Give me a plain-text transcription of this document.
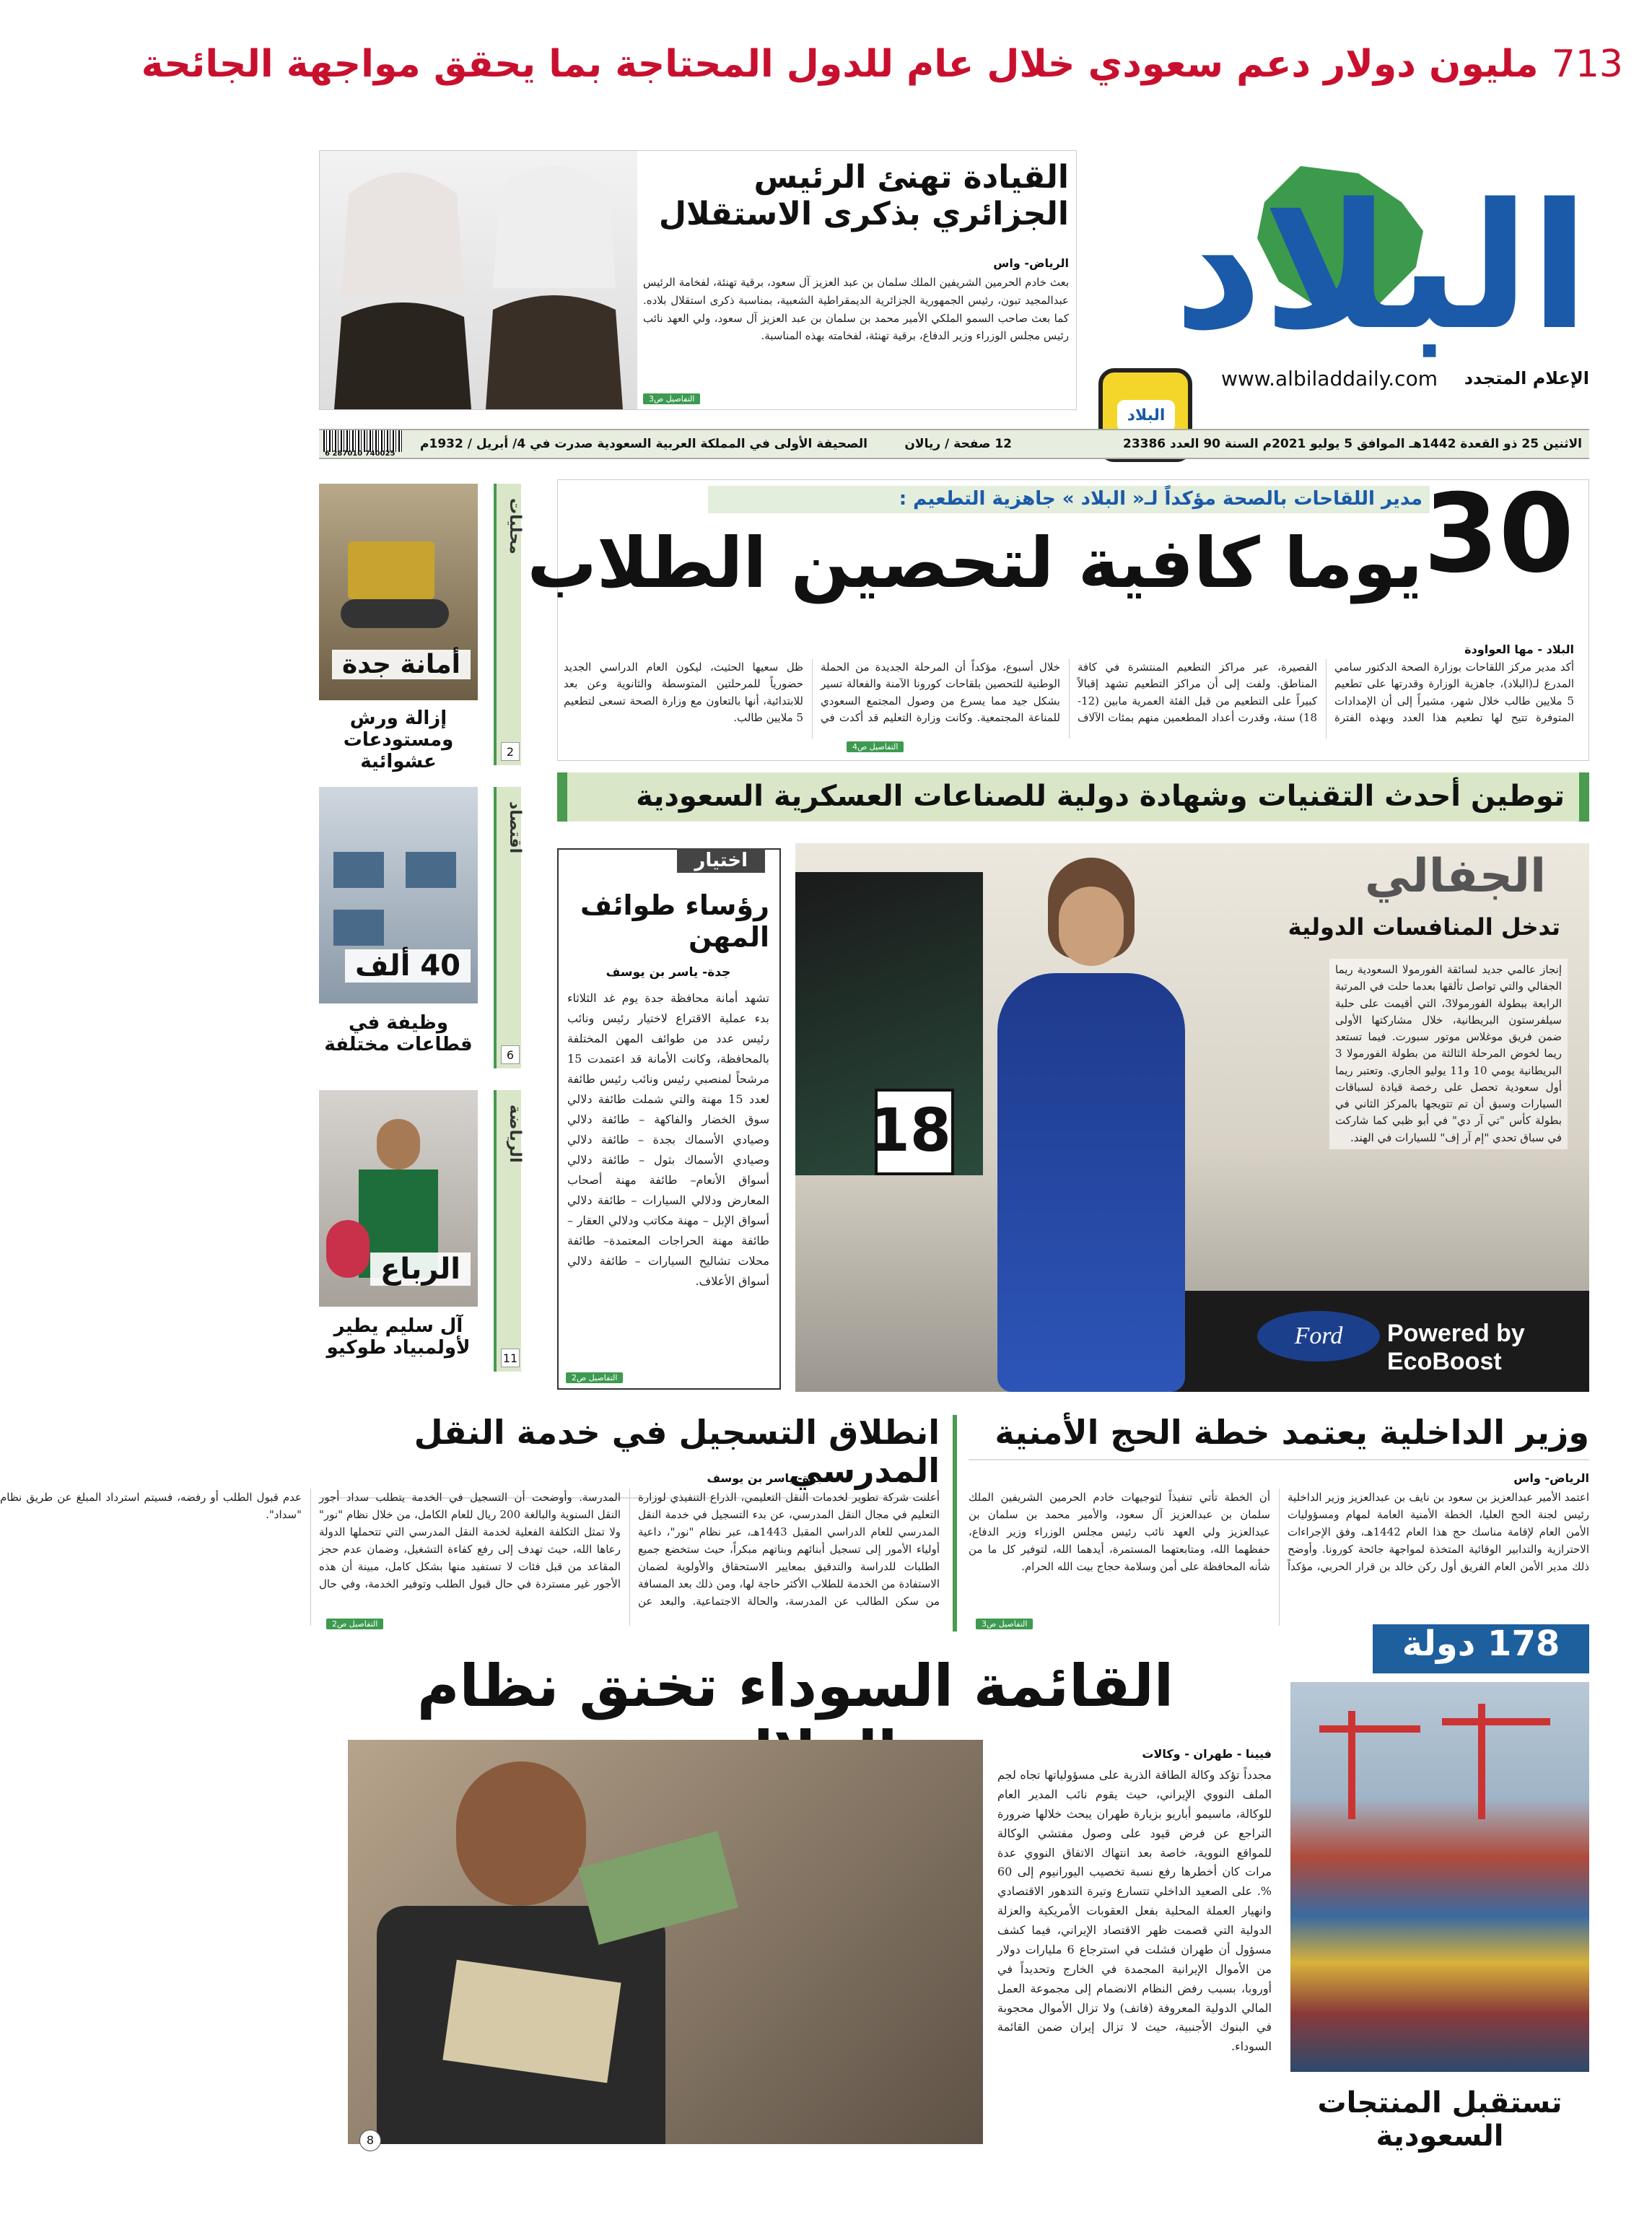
713 مليون دولار دعم سعودي خلال عام للدول المحتاجة بما يحقق مواجهة الجائحة
البلاد
الإعلام المتجدد
www.albiladdaily.com
البلاد
القيادة تهنئ الرئيس الجزائري بذكرى الاستقلال
الرياض- واس
بعث خادم الحرمين الشريفين الملك سلمان بن عبد العزيز آل سعود، برقية تهنئة، لفخامة الرئيس عبدالمجيد تبون، رئيس الجمهورية الجزائرية الديمقراطية الشعبية، بمناسبة ذكرى استقلال بلاده. كما بعث صاحب السمو الملكي الأمير محمد بن سلمان بن عبد العزيز آل سعود، ولي العهد نائب رئيس مجلس الوزراء وزير الدفاع، برقية تهنئة، لفخامته بهذه المناسبة.
التفاصيل ص3
الاثنين 25 ذو القعدة 1442هـ الموافق 5 يوليو 2021م السنة 90 العدد 23386
12 صفحة / ريالان
الصحيفة الأولى في المملكة العربية السعودية صدرت في 4/ أبريل / 1932م
6 287010 740025
أمانة جدة
إزالة ورش ومستودعات عشوائية
محليات
2
40 ألف
وظيفة في قطاعات مختلفة
اقتصاد
6
الرباع
آل سليم يطير لأولمبياد طوكيو
الرياضة
11
مدير اللقاحات بالصحة مؤكداً لـ« البلاد » جاهزية التطعيم : 30
يوما كافية لتحصين الطلاب
البلاد - مها العواودة
أكد مدير مركز اللقاحات بوزارة الصحة الدكتور سامي المدرع لـ(البلاد)، جاهزية الوزارة وقدرتها على تطعيم 5 ملايين طالب خلال شهر، مشيراً إلى أن الإمدادات المتوفرة تتيح لها تطعيم هذا العدد وبهذه الفترة القصيرة، عبر مراكز التطعيم المنتشرة في كافة المناطق. ولفت إلى أن مراكز التطعيم تشهد إقبالاً كبيراً على التطعيم من قبل الفئة العمرية مابين (12-18) سنة، وقدرت أعداد المطعمين منهم بمئات الآلاف خلال أسبوع، مؤكداً أن المرحلة الجديدة من الحملة الوطنية للتحصين بلقاحات كورونا الآمنة والفعالة تسير بشكل جيد مما يسرع من وصول المجتمع السعودي للمناعة المجتمعية. وكانت وزارة التعليم قد أكدت في ظل سعيها الحثيث، ليكون العام الدراسي الجديد حضورياً للمرحلتين المتوسطة والثانوية وعن بعد للابتدائية، أنها بالتعاون مع وزارة الصحة تسعى لتطعيم 5 ملايين طالب.
التفاصيل ص4
توطين أحدث التقنيات وشهادة دولية للصناعات العسكرية السعودية
اختيار
رؤساء طوائف المهن
جدة- ياسر بن يوسف
تشهد أمانة محافظة جدة يوم غد الثلاثاء بدء عملية الاقتراع لاختيار رئيس ونائب رئيس عدد من طوائف المهن المختلفة بالمحافظة، وكانت الأمانة قد اعتمدت 15 مرشحاً لمنصبي رئيس ونائب رئيس طائفة لعدد 15 مهنة والتي شملت طائفة دلالي سوق الخضار والفاكهة – طائفة دلالي وصيادي الأسماك بجدة – طائفة دلالي وصيادي الأسماك بثول – طائفة دلالي أسواق الأنعام– طائفة مهنة أصحاب المعارض ودلالي السيارات – طائفة دلالي أسواق الإبل – مهنة مكاتب ودلالي العقار – طائفة مهنة الحراجات المعتمدة– طائفة محلات تشاليح السيارات – طائفة دلالي أسواق الأعلاف.
التفاصيل ص2
18
Powered by EcoBoost
Ford
الجفالي
تدخل المنافسات الدولية
إنجاز عالمي جديد لسائقة الفورمولا السعودية ريما الجفالي والتي تواصل تألقها بعدما حلت في المرتبة الرابعة ببطولة الفورمولا3، التي أقيمت على حلبة سيلفرستون البريطانية، خلال مشاركتها الأولى ضمن فريق موغلاس موتور سبورت. فيما تستعد ريما لخوض المرحلة الثالثة من بطولة الفورمولا 3 البريطانية يومي 10 و11 يوليو الجاري. وتعتبر ريما أول سعودية تحصل على رخصة قيادة لسباقات السيارات وسبق أن تم تتويجها بالمركز الثاني في بطولة كأس "تي آر دي" في أبو ظبي كما شاركت في سباق تحدي "إم آر إف" للسيارات في الهند.
وزير الداخلية يعتمد خطة الحج الأمنية
الرياض- واس
اعتمد الأمير عبدالعزيز بن سعود بن نايف بن عبدالعزيز وزير الداخلية رئيس لجنة الحج العليا، الخطة الأمنية العامة لمهام ومسؤوليات الأمن العام لإقامة مناسك حج هذا العام 1442هـ، وفق الإجراءات الاحترازية والتدابير الوقائية المتخذة لمواجهة جائحة كورونا. وأوضح ذلك مدير الأمن العام الفريق أول ركن خالد بن قرار الحربي، مؤكداً أن الخطة تأتي تنفيذاً لتوجيهات خادم الحرمين الشريفين الملك سلمان بن عبدالعزيز آل سعود، والأمير محمد بن سلمان بن عبدالعزيز ولي العهد نائب رئيس مجلس الوزراء وزير الدفاع، حفظهما الله، ومتابعتهما المستمرة، أيدهما الله، لتوفير كل ما من شأنه المحافظة على أمن وسلامة حجاج بيت الله الحرام.
التفاصيل ص3
انطلاق التسجيل في خدمة النقل المدرسي
جدة- ياسر بن يوسف
أعلنت شركة تطوير لخدمات النقل التعليمي، الذراع التنفيذي لوزارة التعليم في مجال النقل المدرسي، عن بدء التسجيل في خدمة النقل المدرسي للعام الدراسي المقبل 1443هـ، عبر نظام "نور"، داعية أولياء الأمور إلى تسجيل أبنائهم وبناتهم مبكراً، حيث ستخضع جميع الطلبات للدراسة والتدقيق بمعايير الاستحقاق والأولوية لضمان الاستفادة من الخدمة للطلاب الأكثر حاجة لها، ومن ذلك بعد المسافة من سكن الطالب عن المدرسة، والحالة الاجتماعية. والبعد عن المدرسة. وأوضحت أن التسجيل في الخدمة يتطلب سداد أجور النقل السنوية والبالغة 200 ريال للعام الكامل، من خلال نظام "نور" ولا تمثل التكلفة الفعلية لخدمة النقل المدرسي التي تتحملها الدولة رعاها الله، حيث تهدف إلى رفع كفاءة التشغيل، وضمان عدم حجز المقاعد من قبل فئات لا تستفيد منها بشكل كامل، مبينة أن هذه الأجور غير مستردة في حال قبول الطلب وتوفير الخدمة، وفي حال عدم قبول الطلب أو رفضه، فسيتم استرداد المبلغ عن طريق نظام "سداد".
التفاصيل ص2	178 دولة
تستقبل المنتجات السعودية
القائمة السوداء تخنق نظام
8
فيينا - طهران - وكالات
مجدداً تؤكد وكالة الطاقة الذرية على مسؤولياتها تجاه لجم الملف النووي الإيراني، حيث يقوم نائب المدير العام للوكالة، ماسيمو أباريو بزيارة طهران يبحث خلالها ضرورة التراجع عن فرض قيود على وصول مفتشي الوكالة للمواقع النووية، خاصة بعد انتهاك الاتفاق النووي عدة مرات كان أخطرها رفع نسبة تخصيب اليورانيوم إلى 60 %. على الصعيد الداخلي تتسارع وتيرة التدهور الاقتصادي وانهيار العملة المحلية بفعل العقوبات الأمريكية والعزلة الدولية التي قصمت ظهر الاقتصاد الإيراني، فيما كشف مسؤول أن طهران فشلت في استرجاع 6 مليارات دولار من الأموال الإيرانية المجمدة في الخارج وتحديداً في أوروبا، بسبب رفض النظام الانضمام إلى مجموعة العمل المالي الدولية المعروفة (فاتف) ولا تزال الأموال محجوبة في البنوك الأجنبية، حيث لا تزال إيران ضمن القائمة السوداء.
